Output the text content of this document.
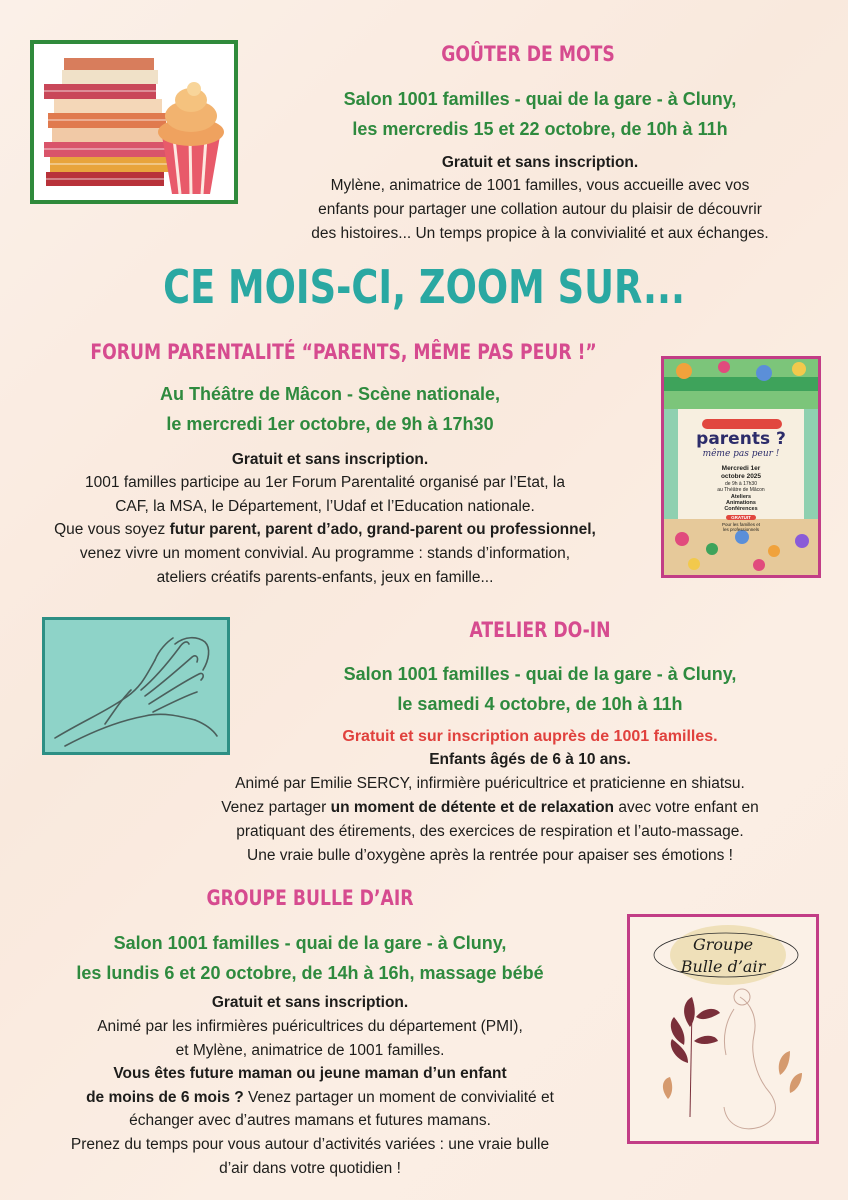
GOÛTER DE MOTS
Salon 1001 familles - quai de la gare - à Cluny,
les mercredis 15 et 22 octobre, de 10h à 11h
Gratuit et sans inscription.
Mylène, animatrice de 1001 familles, vous accueille avec vos
enfants pour partager une collation autour du plaisir de découvrir
des histoires... Un temps propice à la convivialité et aux échanges.
CE MOIS-CI, ZOOM SUR...
FORUM PARENTALITÉ “PARENTS, MÊME PAS PEUR !”
Au Théâtre de Mâcon - Scène nationale,
le mercredi 1er octobre, de 9h à 17h30
Gratuit et sans inscription.
1001 familles participe au 1er Forum Parentalité organisé par l’Etat, la
CAF, la MSA, le Département, l’Udaf et l’Education nationale.
Que vous soyez futur parent, parent d’ado, grand-parent ou professionnel,
venez vivre un moment convivial. Au programme : stands d’information,
ateliers créatifs parents-enfants, jeux en famille...
parents ?
même pas peur !
Mercredi 1er
octobre 2025
de 9h à 17h30
au Théâtre de Mâcon
Ateliers
Animations
Conférences
GRATUIT
Pour les familles et
les professionnels
ATELIER DO-IN
Salon 1001 familles - quai de la gare - à Cluny,
le samedi 4 octobre, de 10h à 11h
Gratuit et sur inscription auprès de 1001 familles.
Enfants âgés de 6 à 10 ans.
Animé par Emilie SERCY, infirmière puéricultrice et praticienne en shiatsu.
Venez partager un moment de détente et de relaxation avec votre enfant en
pratiquant des étirements, des exercices de respiration et l’auto-massage.
Une vraie bulle d’oxygène après la rentrée pour apaiser ses émotions !
GROUPE BULLE D’AIR
Salon 1001 familles - quai de la gare - à Cluny,
les lundis 6 et 20 octobre, de 14h à 16h, massage bébé
Gratuit et sans inscription.
Animé par les infirmières puéricultrices du département (PMI),
et Mylène, animatrice de 1001 familles.
Vous êtes future maman ou jeune maman d’un enfant
de moins de 6 mois ? Venez partager un moment de convivialité et
échanger avec d’autres mamans et futures mamans.
Prenez du temps pour vous autour d’activités variées : une vraie bulle
d’air dans votre quotidien !
Groupe
Bulle d’air
